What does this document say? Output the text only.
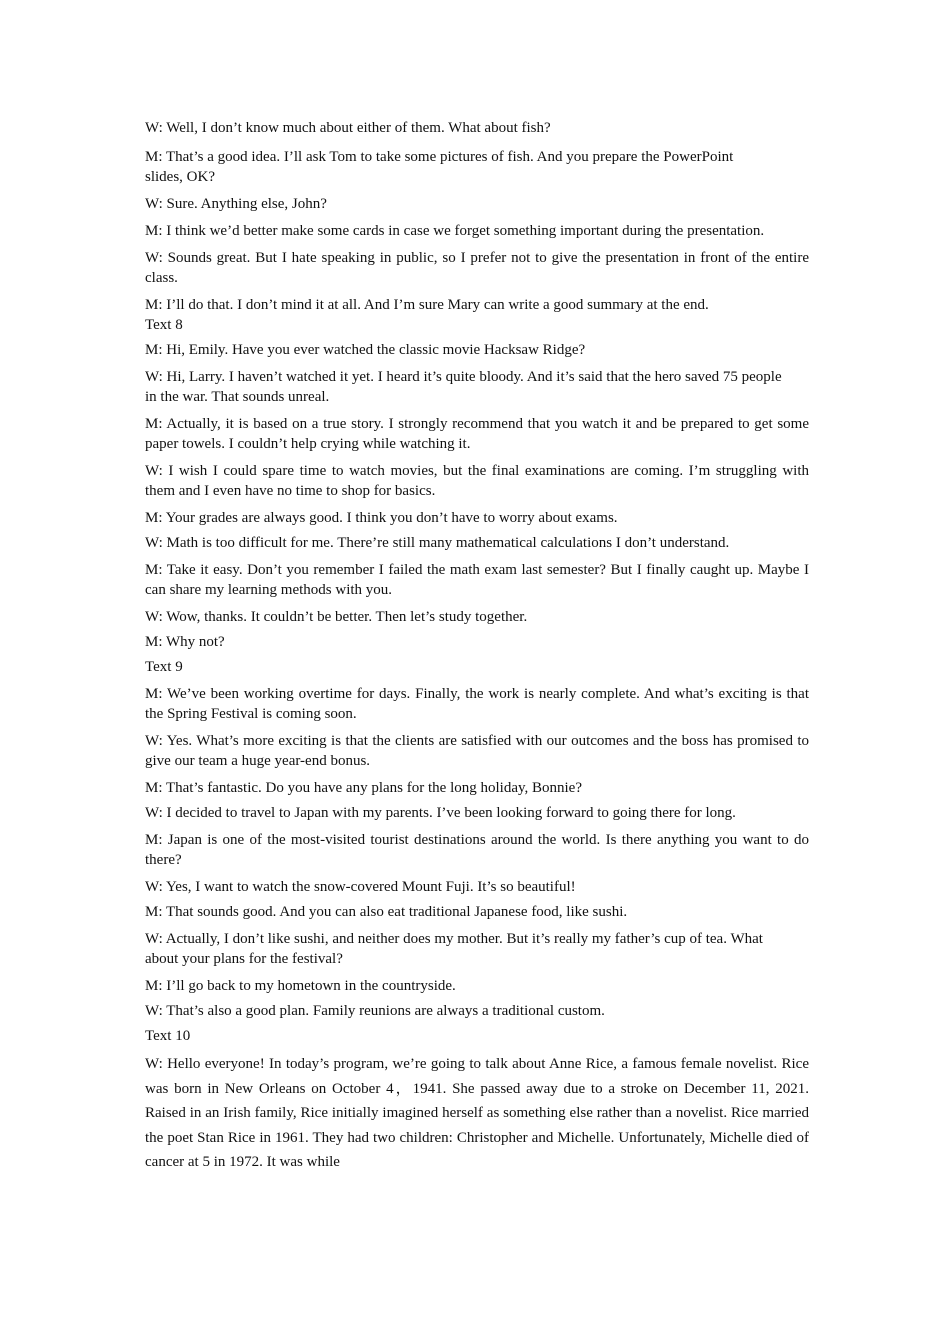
W: Well, I don’t know much about either of them. What about fish?

M: That’s a good idea. I’ll ask Tom to take some pictures of fish. And you prepare the PowerPoint slides, OK?

W: Sure. Anything else, John?

M: I think we’d better make some cards in case we forget something important during the presentation.

W: Sounds great. But I hate speaking in public, so I prefer not to give the presentation in front of the entire class.

M: I’ll do that. I don’t mind it at all. And I’m sure Mary can write a good summary at the end.

Text 8

M: Hi, Emily. Have you ever watched the classic movie Hacksaw Ridge?

W: Hi, Larry. I haven’t watched it yet. I heard it’s quite bloody. And it’s said that the hero saved 75 people in the war. That sounds unreal.

M: Actually, it is based on a true story. I strongly recommend that you watch it and be prepared to get some paper towels. I couldn’t help crying while watching it.

W: I wish I could spare time to watch movies, but the final examinations are coming. I’m struggling with them and I even have no time to shop for basics.

M: Your grades are always good. I think you don’t have to worry about exams.

W: Math is too difficult for me. There’re still many mathematical calculations I don’t understand.

M: Take it easy. Don’t you remember I failed the math exam last semester? But I finally caught up. Maybe I can share my learning methods with you.

W: Wow, thanks. It couldn’t be better. Then let’s study together.

M: Why not?

Text 9

M: We’ve been working overtime for days. Finally, the work is nearly complete. And what’s exciting is that the Spring Festival is coming soon.

W: Yes. What’s more exciting is that the clients are satisfied with our outcomes and the boss has promised to give our team a huge year-end bonus.

M: That’s fantastic. Do you have any plans for the long holiday, Bonnie?

W: I decided to travel to Japan with my parents. I’ve been looking forward to going there for long.

M: Japan is one of the most-visited tourist destinations around the world. Is there anything you want to do there?

W: Yes, I want to watch the snow-covered Mount Fuji. It’s so beautiful!

M: That sounds good. And you can also eat traditional Japanese food, like sushi.

W: Actually, I don’t like sushi, and neither does my mother. But it’s really my father’s cup of tea. What about your plans for the festival?

M: I’ll go back to my hometown in the countryside.

W: That’s also a good plan. Family reunions are always a traditional custom.

Text 10

W: Hello everyone! In today’s program, we’re going to talk about Anne Rice, a famous female novelist. Rice was born in New Orleans on October 4，1941. She passed away due to a stroke on December 11, 2021. Raised in an Irish family, Rice initially imagined herself as something else rather than a novelist. Rice married the poet Stan Rice in 1961. They had two children: Christopher and Michelle. Unfortunately, Michelle died of cancer at 5 in 1972. It was while
